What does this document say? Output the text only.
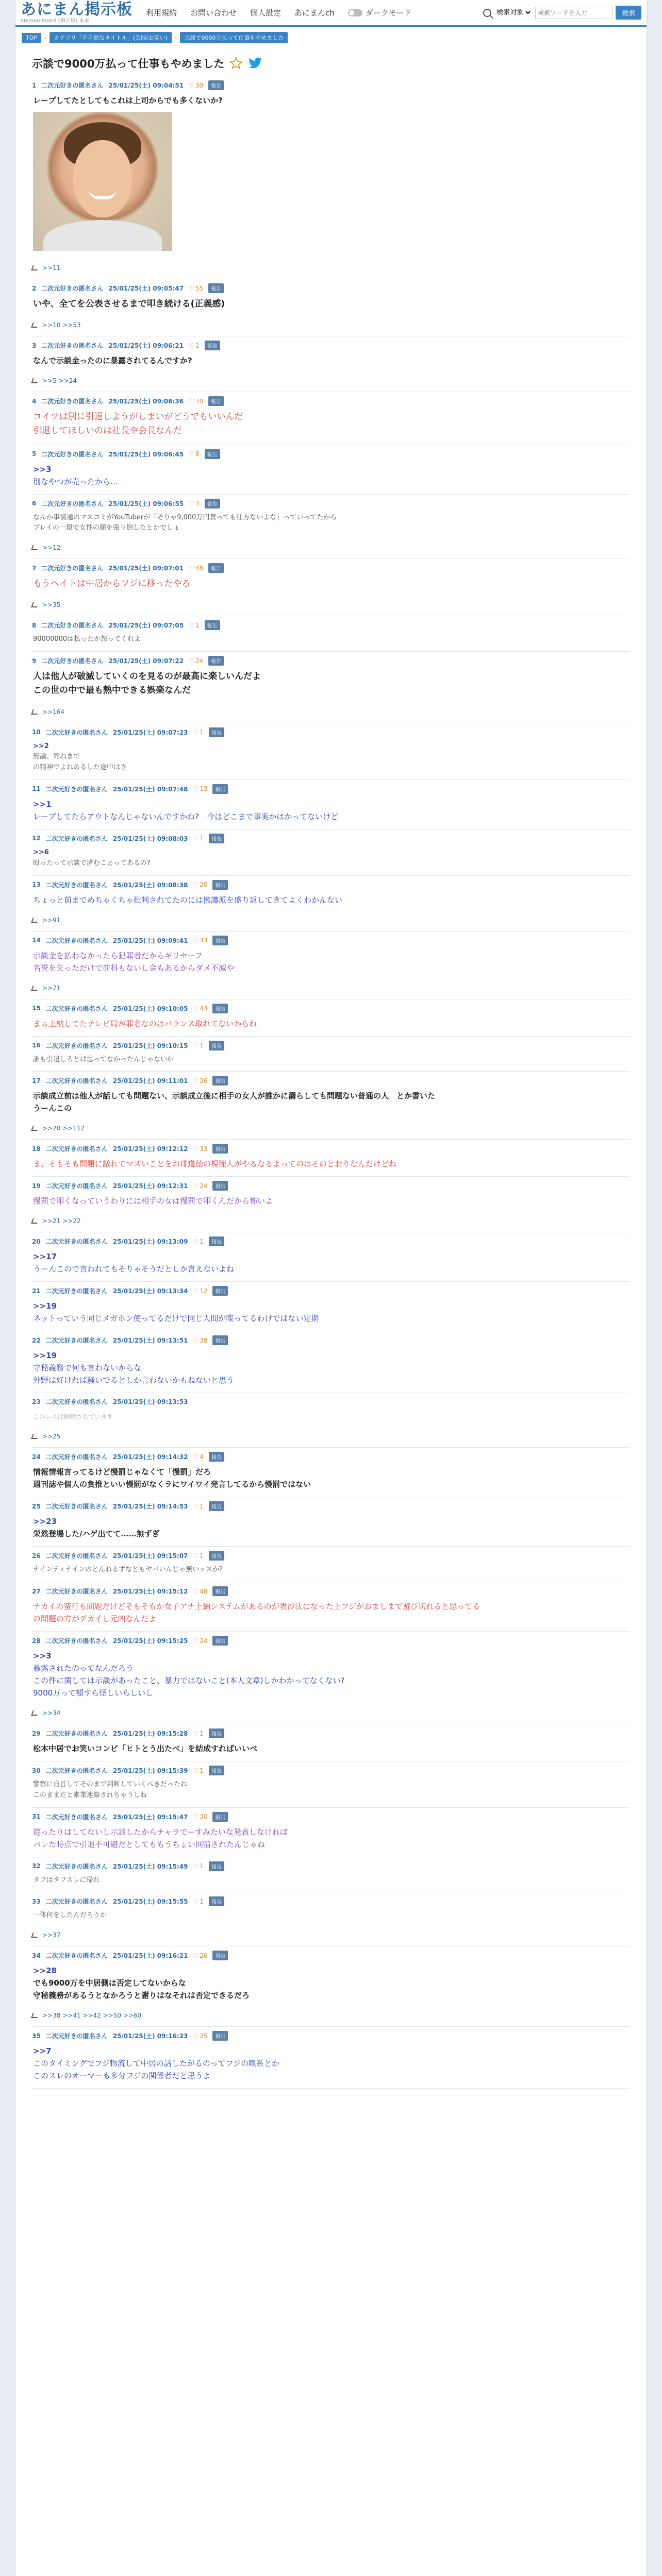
あにまん掲示板
animan board (掲示板) 本家
利用規約 お問い合わせ 個人設定 あにまんch	ダークモード
検索対象
検索ワードを入力	検索
TOP	›	カテゴリ「不自然なタイトル」(芸能/お笑い)	›	示談で9000万払って仕事もやめました
示談で9000万払って仕事もやめました
1 二次元好きの匿名さん 25/01/25(土) 09:04:51 ♡ 30	報告
レープしてたとしてもこれは上司からでも多くないか?
>>11
2 二次元好きの匿名さん 25/01/25(土) 09:05:47 ♡ 55	報告
いや、全てを公表させるまで叩き続ける(正義感)
>>10 >>53
3 二次元好きの匿名さん 25/01/25(土) 09:06:21 ♡ 1	報告
なんで示談金ったのに暴露されてるんですか?
>>5 >>24
4 二次元好きの匿名さん 25/01/25(土) 09:06:36 ♡ 70	報告
コイツは別に引退しようがしまいがどうでもいいんだ
引退してほしいのは社長や会長なんだ
5 二次元好きの匿名さん 25/01/25(土) 09:06:45 ♡ 8	報告
>>3
別なやつが売ったから…
6 二次元好きの匿名さん 25/01/25(土) 09:06:55 ♡ 3	報告
なんか事情通のマスコミがYouTuberが「そりゃ9,000万円貰っても仕方ないよな」っていってたから
ブレイの一環で女性の顔を張り倒したとかでしょ
>>12
7 二次元好きの匿名さん 25/01/25(土) 09:07:01 ♡ 48	報告
もうヘイトは中居からフジに移ったやろ
>>35
8 二次元好きの匿名さん 25/01/25(土) 09:07:05 ♡ 1	報告
90000000は払ったか怒ってくれよ
9 二次元好きの匿名さん 25/01/25(土) 09:07:22 ♡ 24	報告
人は他人が破滅していくのを見るのが最高に楽しいんだよ
この世の中で最も熱中できる娯楽なんだ
>>164
10 二次元好きの匿名さん 25/01/25(土) 09:07:23 ♡ 1	報告
>>2
無論、死ねまで
の精神でよねあるした途中はさ
11 二次元好きの匿名さん 25/01/25(土) 09:07:48 ♡ 13	報告
>>1
レープしてたらアウトなんじゃないんですかね?　今ほどこまで事実かはかってないけど
12 二次元好きの匿名さん 25/01/25(土) 09:08:03 ♡ 1	報告
>>6
殴ったって示談で済むことってあるの?
13 二次元好きの匿名さん 25/01/25(土) 09:08:38 ♡ 20	報告
ちょっと前までめちゃくちゃ批判されてたのには擁護派を盛り返してきてよくわかんない
>>91
14 二次元好きの匿名さん 25/01/25(土) 09:09:41 ♡ 33	報告
示談金を払わなかったら犯罪者だからギリセーフ
名誉を失っただけで前科もないし金もあるからダメ不滅や
>>71
15 二次元好きの匿名さん 25/01/25(土) 09:10:05 ♡ 43	報告
まぁ上納してたテレビ局が罪名なのはバランス取れてないからね
16 二次元好きの匿名さん 25/01/25(土) 09:10:15 ♡ 1	報告
誰も引退しろとは思ってなかったんじゃないか
17 二次元好きの匿名さん 25/01/25(土) 09:11:01 ♡ 26	報告
示談成立前は他人が話しても問題ない、示談成立後に相手の女人が誰かに漏らしても問題ない普通の人　とか書いた
うーんこの
>>20 >>112
18 二次元好きの匿名さん 25/01/25(土) 09:12:12 ♡ 33	報告
ま、そもそも問題に議れてマズいことをお琲道徳の規範人がやるなるよってのはそのとおりなんだけどね
19 二次元好きの匿名さん 25/01/25(土) 09:12:31 ♡ 24	報告
慢罰で叩くなっていうわりには相手の女は慢罰で叩くんだから怖いよ
>>21 >>22
20 二次元好きの匿名さん 25/01/25(土) 09:13:09 ♡ 1	報告
>>17
うーんこので言われてもそりゃそうだとしか言えないよね
21 二次元好きの匿名さん 25/01/25(土) 09:13:34 ♡ 12	報告
>>19
ネットっていう同じメガホン使ってるだけで同じ人間が喋ってるわけではない定期
22 二次元好きの匿名さん 25/01/25(土) 09:13:51 ♡ 38	報告
>>19
守秘義務で何も言わないからな
外野は好ければ騒いでるとしか言わないかもねないと思う
23 二次元好きの匿名さん 25/01/25(土) 09:13:53
このレスは削除されています
>>25
24 二次元好きの匿名さん 25/01/25(土) 09:14:32 ♡ 4	報告
情報情報言ってるけど慢罰じゃなくて「慢罰」だろ
週刊誌や個人の負推といい慢罰がなくラにワイワイ発言してるから慢罰ではない
25 二次元好きの匿名さん 25/01/25(土) 09:14:53 ♡ 1	報告
>>23
栄然登場した/ハゲ出てて……無ずぎ
26 二次元好きの匿名さん 25/01/25(土) 09:15:07 ♡ 1	報告
ナインティナインのとんねるずなどもヤバいんじゃ無いッスか?
27 二次元好きの匿名さん 25/01/25(土) 09:15:12 ♡ 48	報告
ナカイの蛮行も問題だけどそもそもか女子アナ上納システムがあるのが表沙汰になった上フジがおましまで遊び切れると思ってる
の問題の方がデカイし元凶なんだよ
28 二次元好きの匿名さん 25/01/25(土) 09:15:25 ♡ 24	報告
>>3
暴露されたのってなんだろう
この件に関しては示談があったこと、暴力ではないこと(本人文章)しかわかってなくない?
9000万って額すら怪しいらしいし
>>34
29 二次元好きの匿名さん 25/01/25(土) 09:15:28 ♡ 1	報告
松本中居でお笑いコンビ「ヒトとう出たべ」を結成すればいいべ
30 二次元好きの匿名さん 25/01/25(土) 09:15:39 ♡ 1	報告
警察に自首してそのまで判断していくべきだったね
このままだと素業連絡されちゃうしね
31 二次元好きの匿名さん 25/01/25(土) 09:15:47 ♡ 30	報告
遊ったりはしてないし示談したからチャラでーすみたいな発表しなければ
バレた時点で引退不可避だとしてももうちょい同情されたんじゃね
32 二次元好きの匿名さん 25/01/25(土) 09:15:49 ♡ 1	報告
タフはタフスレに帰れ
33 二次元好きの匿名さん 25/01/25(土) 09:15:55 ♡ 1	報告
一体何をしたんだろうか
>>37
34 二次元好きの匿名さん 25/01/25(土) 09:16:21 ♡ 26	報告
>>28
でも9000万を中居側は否定してないからな
守秘義務があるうとなかろうと謝りはなそれは否定できるだろ
>>38 >>41 >>42 >>50 >>60
35 二次元好きの匿名さん 25/01/25(土) 09:16:23 ♡ 25	報告
>>7
このタイミングでフジ物流して中居の話したがるのってフジの喚系とか
このスレのオーマーも多分フジの関係者だと思うよ
